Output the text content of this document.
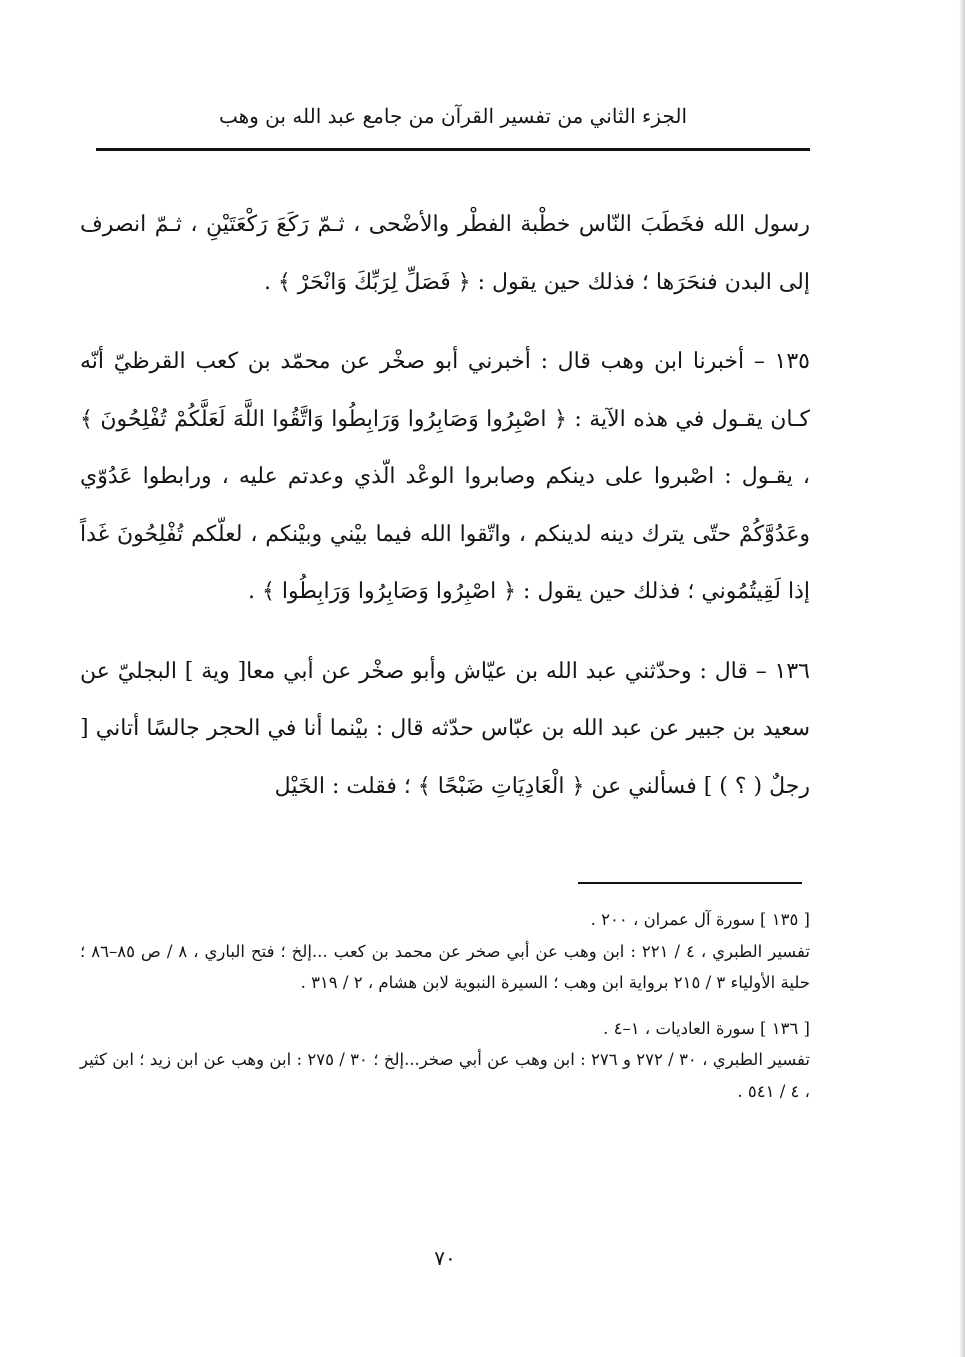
الجزء الثاني من تفسير القرآن من جامع عبد الله بن وهب

رسول الله فخَطَبَ النّاس خطْبة الفطْر والأضْحى ، ثـمّ رَكَعَ رَكْعَتَيْنِ ، ثـمّ انصرف إلى البدن فنحَرَها ؛ فذلك حين يقول : ﴿ فَصَلِّ لِرَبِّكَ وَانْحَرْ ﴾ .

١٣٥ – أخبرنا ابن وهب قال : أخبرني أبو صخْر عن محمّد بن كعب القرظيّ أنّه كـان يقـول في هذه الآية : ﴿ اصْبِرُوا وَصَابِرُوا وَرَابِطُوا وَاتَّقُوا اللَّهَ لَعَلَّكُمْ تُفْلِحُونَ ﴾ ، يقـول : اصْبروا على دينكم وصابروا الوعْد الّذي وعدتم عليه ، ورابطوا عَدُوّي وعَدُوَّكُمْ حتّى يترك دينه لدينكم ، واتّقوا الله فيما بيْني وبيْنكم ، لعلّكم تُفْلِحُونَ غَداً إذا لَقِيتُمُوني ؛ فذلك حين يقول : ﴿ اصْبِرُوا وَصَابِرُوا وَرَابِطُوا ﴾ .

١٣٦ – قال : وحدّثني عبد الله بن عيّاش وأبو صخْر عن أبي معا[ وية ] البجليّ عن سعيد بن جبير عن عبد الله بن عبّاس حدّثه قال : بيْنما أنا في الحجر جالسًا أتاني [ رجلٌ ( ؟ ) ] فسألني عن ﴿ الْعَادِيَاتِ ضَبْحًا ﴾ ؛ فقلت : الخَيْل

[ ١٣٥ ] سورة آل عمران ، ٢٠٠ .

تفسير الطبري ، ٤ / ٢٢١ : ابن وهب عن أبي صخر عن محمد بن كعب ...إلخ ؛ فتح الباري ، ٨ / ص ٨٥–٨٦ ؛ حلية الأولياء ٣ / ٢١٥ برواية ابن وهب ؛ السيرة النبوية لابن هشام ، ٢ / ٣١٩ .

[ ١٣٦ ] سورة العاديات ، ١–٤ .

تفسير الطبري ، ٣٠ / ٢٧٢ و ٢٧٦ : ابن وهب عن أبي صخر...إلخ ؛ ٣٠ / ٢٧٥ : ابن وهب عن ابن زيد ؛ ابن كثير ، ٤ / ٥٤١ .

٧٠
